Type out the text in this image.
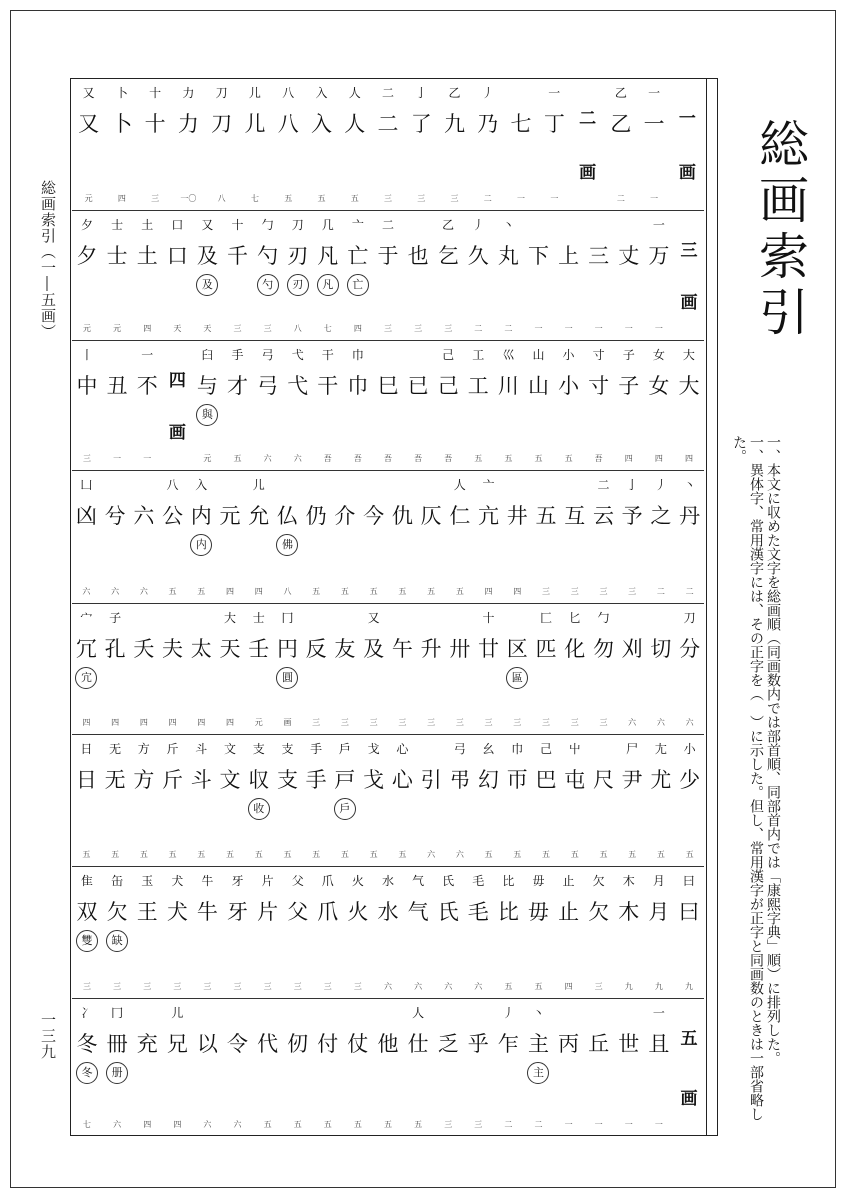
総画索引（一―五画）
一三九
総画索引

一、本文に収めた文字を総画順（同画数内では部首順、同部首内では「康熙字典」順）に排列した。

一、異体字、常用漢字には、その正字を（　）に示した。但し、常用漢字が正字と同画数のときは一部省略した。

一
画
一
一
一
乙
乙
二
二
画
一
丁
一
七
一
丿
乃
二
乙
九
三
亅
了
三
二
二
三
人
人
五
入
入
五
八
八
五
儿
儿
七
刀
刀
八
力
力
一〇
十
十
三
卜
卜
四
又
又
元
三
画
一
万
一
丈
一
三
一
上
一
下
一
丶
丸
二
丿
久
二
乙
乞
三
也
三
二
于
三
亠
亡
亡
四
几
凡
凡
七
刀
刃
刃
八
勹
勺
勺
三
十
千
三
又
及
及
天
口
口
天
土
土
四
士
士
元
夕
夕
元
大
大
四
女
女
四
子
子
四
寸
寸
吾
小
小
五
山
山
五
巛
川
五
工
工
五
己
己
吾
已
吾
巳
吾
巾
巾
吾
干
干
吾
弋
弋
六
弓
弓
六
手
才
五
臼
与
與
元
四
画
一
不
一
丑
一
丨
中
三
丶
丹
二
丿
之
二
亅
予
三
二
云
三
互
三
五
三
井
四
亠
亢
四
人
仁
五
仄
五
仇
五
今
五
介
五
仍
五
仏
佛
八
儿
允
四
元
四
入
内
内
五
八
公
五
六
六
兮
六
凵
凶
六
刀
分
六
切
六
刈
六
勹
勿
三
匕
化
三
匚
匹
三
区
區
三
十
廿
三
卅
三
升
三
午
三
又
及
三
友
三
反
三
冂
円
圓
画
士
壬
元
大
天
四
太
四
夫
四
夭
四
子
孔
四
宀
冗
宂
四
小
少
五
尢
尤
五
尸
尹
五
尺
五
屮
屯
五
己
巴
五
巾
帀
五
幺
幻
五
弓
弔
六
引
六
心
心
五
戈
戈
五
戶
戸
戶
五
手
手
五
支
支
五
支
収
收
五
文
文
五
斗
斗
五
斤
斤
五
方
方
五
无
无
五
日
日
五
曰
曰
九
月
月
九
木
木
九
欠
欠
三
止
止
四
毋
毋
五
比
比
五
毛
毛
六
氏
氏
六
气
气
六
水
水
六
火
火
三
爪
爪
三
父
父
三
片
片
三
牙
牙
三
牛
牛
三
犬
犬
三
玉
王
三
缶
欠
缺
三
隹
双
雙
三
五
画
一
且
一
世
一
丘
一
丙
一
丶
主
主
二
丿
乍
二
乎
三
乏
三
人
仕
五
他
五
仗
五
付
五
仞
五
代
五
令
六
以
六
儿
兄
四
充
四
冂
冊
册
六
冫
冬
冬
七
